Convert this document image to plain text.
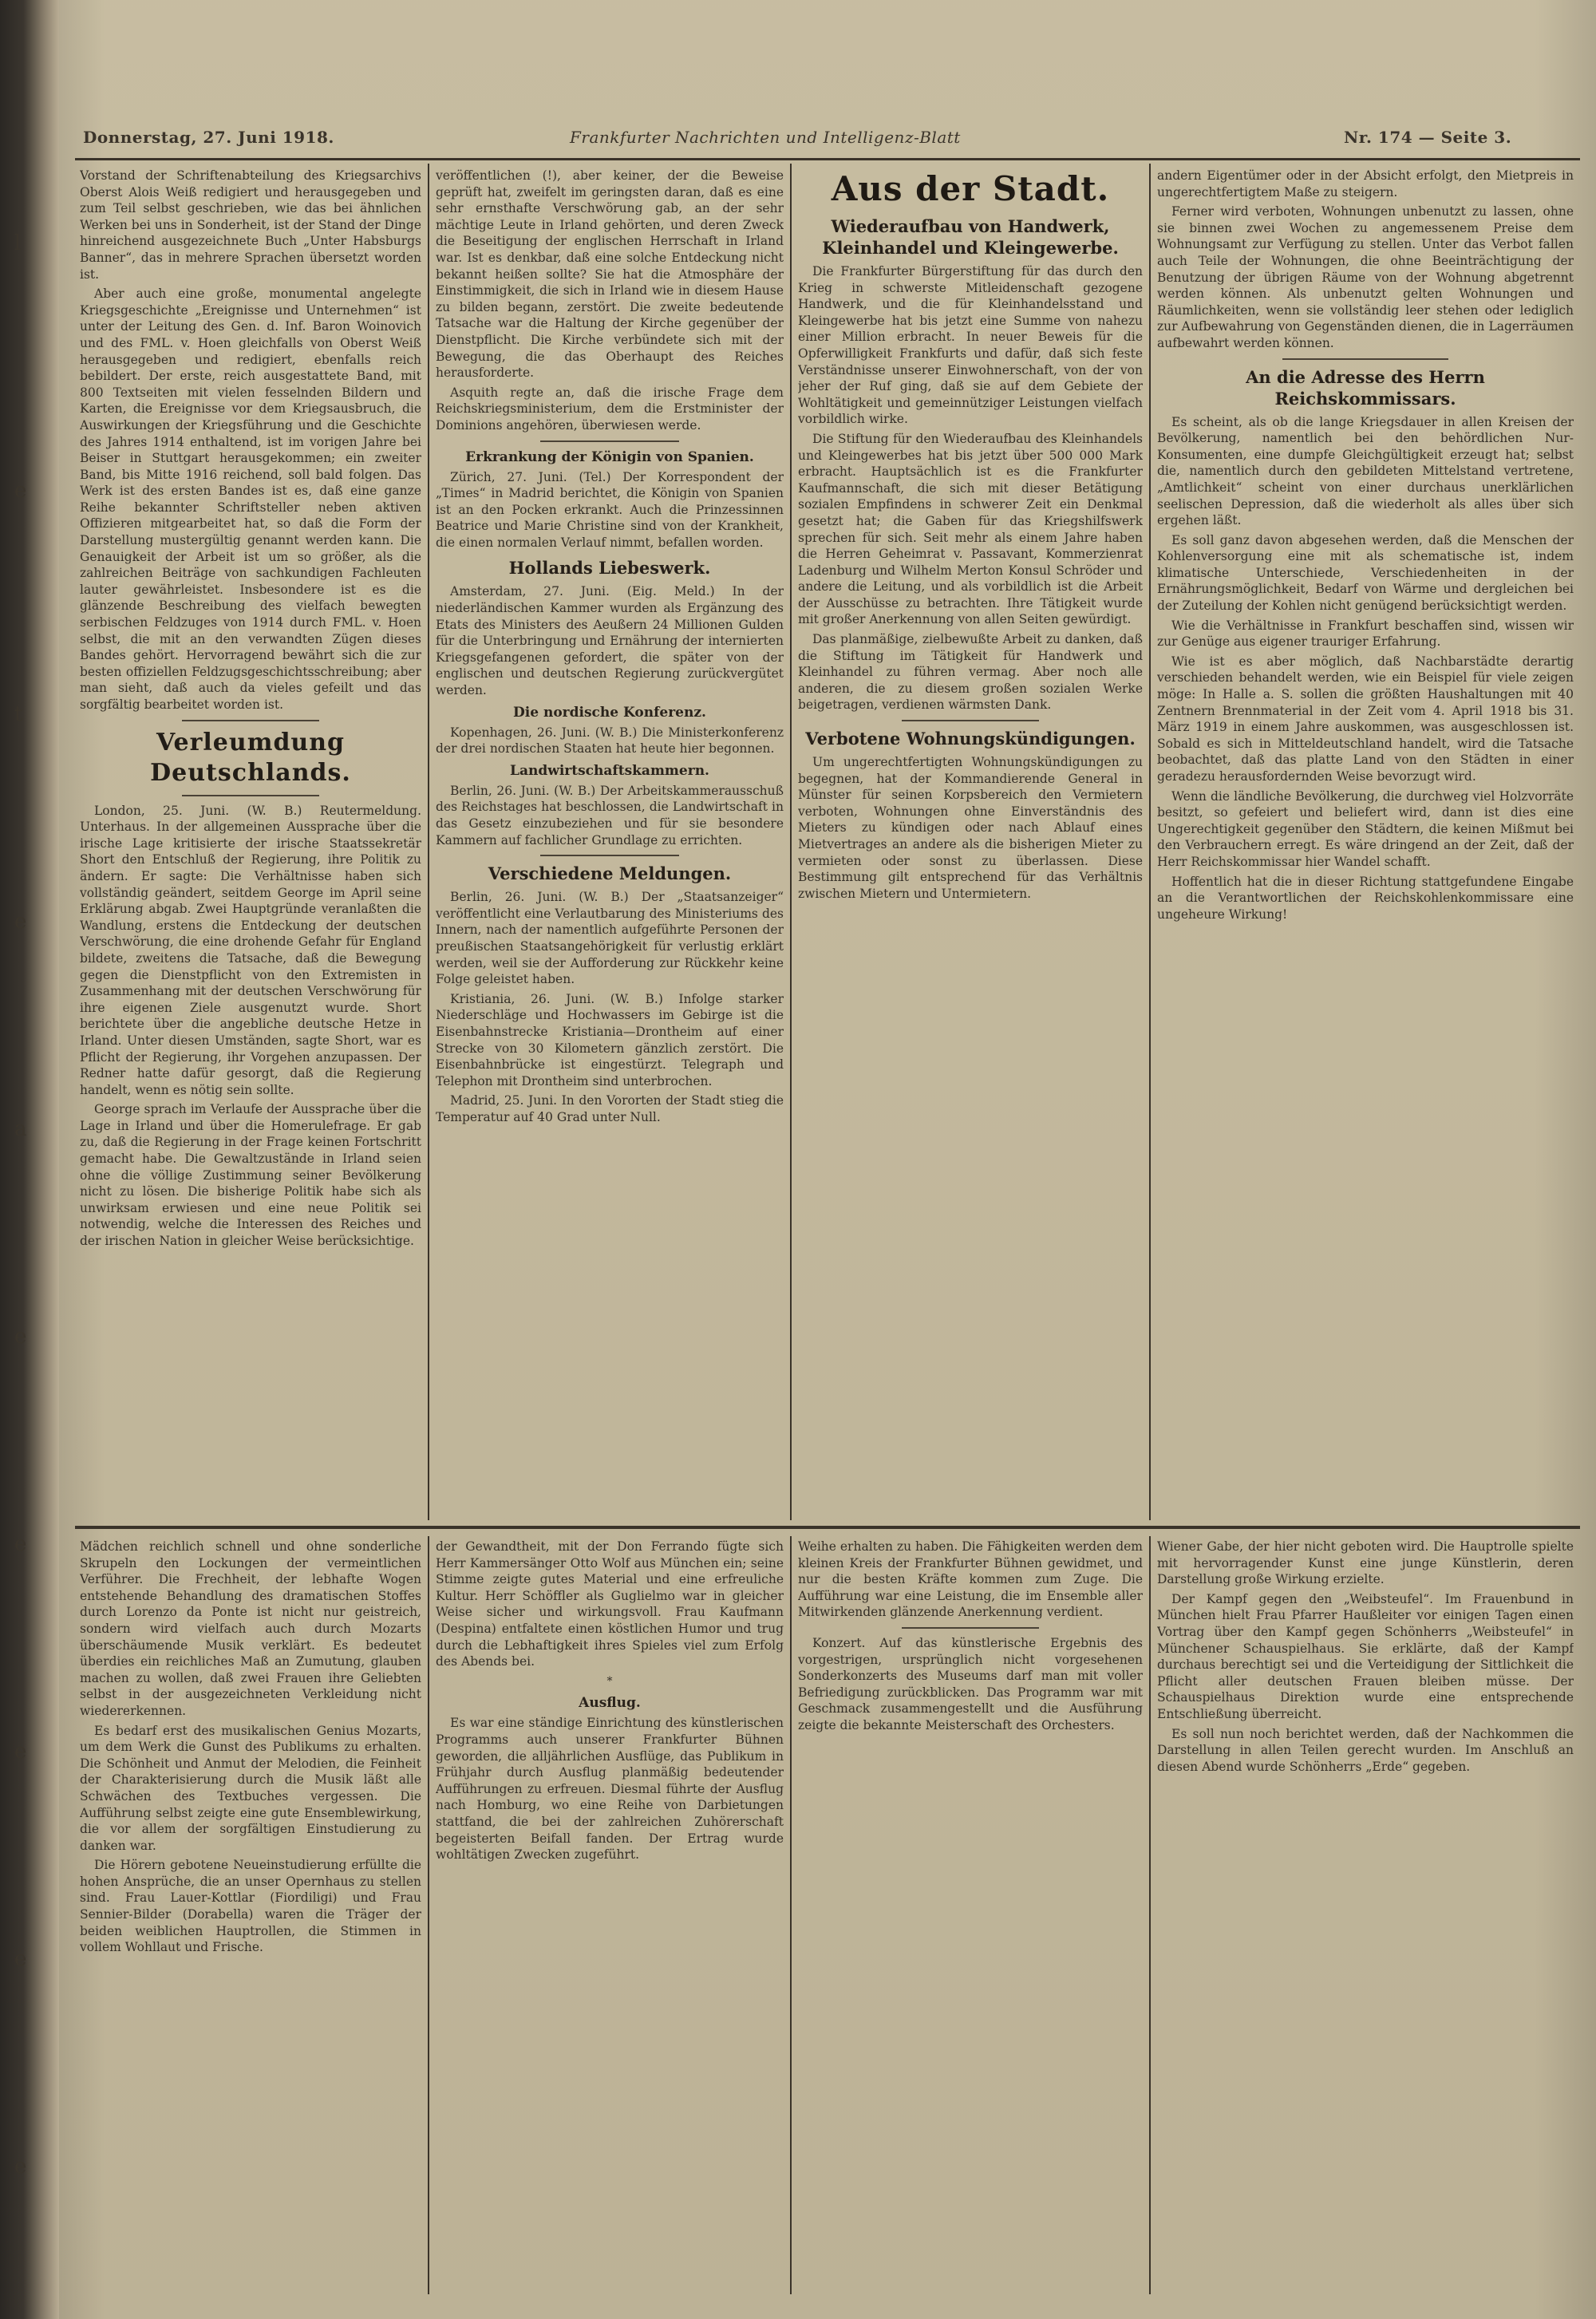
l
e
t
e
a
e
e
e
e
e
Donnerstag, 27. Juni 1918.	Frankfurter Nachrichten und Intelligenz-Blatt	Nr. 174 — Seite 3.

Vorstand der Schriftenabteilung des Kriegsarchivs Oberst Alois Weiß redigiert und herausgegeben und zum Teil selbst geschrieben, wie das bei ähnlichen Werken bei uns in Sonderheit, ist der Stand der Dinge hinreichend ausgezeichnete Buch „Unter Habsburgs Banner“, das in mehrere Sprachen übersetzt worden ist.

Aber auch eine große, monumental angelegte Kriegsgeschichte „Ereignisse und Unternehmen“ ist unter der Leitung des Gen. d. Inf. Baron Woinovich und des FML. v. Hoen gleichfalls von Oberst Weiß herausgegeben und redigiert, ebenfalls reich bebildert. Der erste, reich ausgestattete Band, mit 800 Textseiten mit vielen fesselnden Bildern und Karten, die Ereignisse vor dem Kriegsausbruch, die Auswirkungen der Kriegsführung und die Geschichte des Jahres 1914 enthaltend, ist im vorigen Jahre bei Beiser in Stuttgart herausgekommen; ein zweiter Band, bis Mitte 1916 reichend, soll bald folgen. Das Werk ist des ersten Bandes ist es, daß eine ganze Reihe bekannter Schriftsteller neben aktiven Offizieren mitgearbeitet hat, so daß die Form der Darstellung mustergültig genannt werden kann. Die Genauigkeit der Arbeit ist um so größer, als die zahlreichen Beiträge von sachkundigen Fachleuten lauter gewährleistet. Insbesondere ist es die glänzende Beschreibung des vielfach bewegten serbischen Feldzuges von 1914 durch FML. v. Hoen selbst, die mit an den verwandten Zügen dieses Bandes gehört. Hervorragend bewährt sich die zur besten offiziellen Feldzugsgeschichtsschreibung; aber man sieht, daß auch da vieles gefeilt und das sorgfältig bearbeitet worden ist.

Verleumdung Deutschlands.

London, 25. Juni. (W. B.) Reutermeldung. Unterhaus. In der allgemeinen Aussprache über die irische Lage kritisierte der irische Staatssekretär Short den Entschluß der Regierung, ihre Politik zu ändern. Er sagte: Die Verhältnisse haben sich vollständig geändert, seitdem George im April seine Erklärung abgab. Zwei Hauptgründe veranlaßten die Wandlung, erstens die Entdeckung der deutschen Verschwörung, die eine drohende Gefahr für England bildete, zweitens die Tatsache, daß die Bewegung gegen die Dienstpflicht von den Extremisten in Zusammenhang mit der deutschen Verschwörung für ihre eigenen Ziele ausgenutzt wurde. Short berichtete über die angebliche deutsche Hetze in Irland. Unter diesen Umständen, sagte Short, war es Pflicht der Regierung, ihr Vorgehen anzupassen. Der Redner hatte dafür gesorgt, daß die Regierung handelt, wenn es nötig sein sollte.

George sprach im Verlaufe der Aussprache über die Lage in Irland und über die Homerulefrage. Er gab zu, daß die Regierung in der Frage keinen Fortschritt gemacht habe. Die Gewaltzustände in Irland seien ohne die völlige Zustimmung seiner Bevölkerung nicht zu lösen. Die bisherige Politik habe sich als unwirksam erwiesen und eine neue Politik sei notwendig, welche die Interessen des Reiches und der irischen Nation in gleicher Weise berücksichtige.

veröffentlichen (!), aber keiner, der die Beweise geprüft hat, zweifelt im geringsten daran, daß es eine sehr ernsthafte Verschwörung gab, an der sehr mächtige Leute in Irland gehörten, und deren Zweck die Beseitigung der englischen Herrschaft in Irland war. Ist es denkbar, daß eine solche Entdeckung nicht bekannt heißen sollte? Sie hat die Atmosphäre der Einstimmigkeit, die sich in Irland wie in diesem Hause zu bilden begann, zerstört. Die zweite bedeutende Tatsache war die Haltung der Kirche gegenüber der Dienstpflicht. Die Kirche verbündete sich mit der Bewegung, die das Oberhaupt des Reiches herausforderte.

Asquith regte an, daß die irische Frage dem Reichskriegsministerium, dem die Erstminister der Dominions angehören, überwiesen werde.

Erkrankung der Königin von Spanien.

Zürich, 27. Juni. (Tel.) Der Korrespondent der „Times“ in Madrid berichtet, die Königin von Spanien ist an den Pocken erkrankt. Auch die Prinzessinnen Beatrice und Marie Christine sind von der Krankheit, die einen normalen Verlauf nimmt, befallen worden.

Hollands Liebeswerk.

Amsterdam, 27. Juni. (Eig. Meld.) In der niederländischen Kammer wurden als Ergänzung des Etats des Ministers des Aeußern 24 Millionen Gulden für die Unterbringung und Ernährung der internierten Kriegsgefangenen gefordert, die später von der englischen und deutschen Regierung zurückvergütet werden.

Die nordische Konferenz.

Kopenhagen, 26. Juni. (W. B.) Die Ministerkonferenz der drei nordischen Staaten hat heute hier begonnen.

Landwirtschaftskammern.

Berlin, 26. Juni. (W. B.) Der Arbeitskammerausschuß des Reichstages hat beschlossen, die Landwirtschaft in das Gesetz einzubeziehen und für sie besondere Kammern auf fachlicher Grundlage zu errichten.

Verschiedene Meldungen.

Berlin, 26. Juni. (W. B.) Der „Staatsanzeiger“ veröffentlicht eine Verlautbarung des Ministeriums des Innern, nach der namentlich aufgeführte Personen der preußischen Staatsangehörigkeit für verlustig erklärt werden, weil sie der Aufforderung zur Rückkehr keine Folge geleistet haben.

Kristiania, 26. Juni. (W. B.) Infolge starker Niederschläge und Hochwassers im Gebirge ist die Eisenbahnstrecke Kristiania—Drontheim auf einer Strecke von 30 Kilometern gänzlich zerstört. Die Eisenbahnbrücke ist eingestürzt. Telegraph und Telephon mit Drontheim sind unterbrochen.

Madrid, 25. Juni. In den Vororten der Stadt stieg die Temperatur auf 40 Grad unter Null.

Aus der Stadt.
Wiederaufbau von Handwerk, Kleinhandel und Kleingewerbe.

Die Frankfurter Bürgerstiftung für das durch den Krieg in schwerste Mitleidenschaft gezogene Handwerk, und die für Kleinhandelsstand und Kleingewerbe hat bis jetzt eine Summe von nahezu einer Million erbracht. In neuer Beweis für die Opferwilligkeit Frankfurts und dafür, daß sich feste Verständnisse unserer Einwohnerschaft, von der von jeher der Ruf ging, daß sie auf dem Gebiete der Wohltätigkeit und gemeinnütziger Leistungen vielfach vorbildlich wirke.

Die Stiftung für den Wiederaufbau des Kleinhandels und Kleingewerbes hat bis jetzt über 500 000 Mark erbracht. Hauptsächlich ist es die Frankfurter Kaufmannschaft, die sich mit dieser Betätigung sozialen Empfindens in schwerer Zeit ein Denkmal gesetzt hat; die Gaben für das Kriegshilfswerk sprechen für sich. Seit mehr als einem Jahre haben die Herren Geheimrat v. Passavant, Kommerzienrat Ladenburg und Wilhelm Merton Konsul Schröder und andere die Leitung, und als vorbildlich ist die Arbeit der Ausschüsse zu betrachten. Ihre Tätigkeit wurde mit großer Anerkennung von allen Seiten gewürdigt.

Das planmäßige, zielbewußte Arbeit zu danken, daß die Stiftung im Tätigkeit für Handwerk und Kleinhandel zu führen vermag. Aber noch alle anderen, die zu diesem großen sozialen Werke beigetragen, verdienen wärmsten Dank.

Verbotene Wohnungskündigungen.

Um ungerechtfertigten Wohnungskündigungen zu begegnen, hat der Kommandierende General in Münster für seinen Korpsbereich den Vermietern verboten, Wohnungen ohne Einverständnis des Mieters zu kündigen oder nach Ablauf eines Mietvertrages an andere als die bisherigen Mieter zu vermieten oder sonst zu überlassen. Diese Bestimmung gilt entsprechend für das Verhältnis zwischen Mietern und Untermietern.

andern Eigentümer oder in der Absicht erfolgt, den Mietpreis in ungerechtfertigtem Maße zu steigern.

Ferner wird verboten, Wohnungen unbenutzt zu lassen, ohne sie binnen zwei Wochen zu angemessenem Preise dem Wohnungsamt zur Verfügung zu stellen. Unter das Verbot fallen auch Teile der Wohnungen, die ohne Beeinträchtigung der Benutzung der übrigen Räume von der Wohnung abgetrennt werden können. Als unbenutzt gelten Wohnungen und Räumlichkeiten, wenn sie vollständig leer stehen oder lediglich zur Aufbewahrung von Gegenständen dienen, die in Lagerräumen aufbewahrt werden können.

An die Adresse des Herrn Reichskommissars.

Es scheint, als ob die lange Kriegsdauer in allen Kreisen der Bevölkerung, namentlich bei den behördlichen Nur-Konsumenten, eine dumpfe Gleichgültigkeit erzeugt hat; selbst die, namentlich durch den gebildeten Mittelstand vertretene, „Amtlichkeit“ scheint von einer durchaus unerklärlichen seelischen Depression, daß die wiederholt als alles über sich ergehen läßt.

Es soll ganz davon abgesehen werden, daß die Menschen der Kohlenversorgung eine mit als schematische ist, indem klimatische Unterschiede, Verschiedenheiten in der Ernährungsmöglichkeit, Bedarf von Wärme und dergleichen bei der Zuteilung der Kohlen nicht genügend berücksichtigt werden.

Wie die Verhältnisse in Frankfurt beschaffen sind, wissen wir zur Genüge aus eigener trauriger Erfahrung.

Wie ist es aber möglich, daß Nachbarstädte derartig verschieden behandelt werden, wie ein Beispiel für viele zeigen möge: In Halle a. S. sollen die größten Haushaltungen mit 40 Zentnern Brennmaterial in der Zeit vom 4. April 1918 bis 31. März 1919 in einem Jahre auskommen, was ausgeschlossen ist. Sobald es sich in Mitteldeutschland handelt, wird die Tatsache beobachtet, daß das platte Land von den Städten in einer geradezu herausfordernden Weise bevorzugt wird.

Wenn die ländliche Bevölkerung, die durchweg viel Holzvorräte besitzt, so gefeiert und beliefert wird, dann ist dies eine Ungerechtigkeit gegenüber den Städtern, die keinen Mißmut bei den Verbrauchern erregt. Es wäre dringend an der Zeit, daß der Herr Reichskommissar hier Wandel schafft.

Hoffentlich hat die in dieser Richtung stattgefundene Eingabe an die Verantwortlichen der Reichskohlenkommissare eine ungeheure Wirkung!

Mädchen reichlich schnell und ohne sonderliche Skrupeln den Lockungen der vermeintlichen Verführer. Die Frechheit, der lebhafte Wogen entstehende Behandlung des dramatischen Stoffes durch Lorenzo da Ponte ist nicht nur geistreich, sondern wird vielfach auch durch Mozarts überschäumende Musik verklärt. Es bedeutet überdies ein reichliches Maß an Zumutung, glauben machen zu wollen, daß zwei Frauen ihre Geliebten selbst in der ausgezeichneten Verkleidung nicht wiedererkennen.

Es bedarf erst des musikalischen Genius Mozarts, um dem Werk die Gunst des Publikums zu erhalten. Die Schönheit und Anmut der Melodien, die Feinheit der Charakterisierung durch die Musik läßt alle Schwächen des Textbuches vergessen. Die Aufführung selbst zeigte eine gute Ensemblewirkung, die vor allem der sorgfältigen Einstudierung zu danken war.

Die Hörern gebotene Neueinstudierung erfüllte die hohen Ansprüche, die an unser Opernhaus zu stellen sind. Frau Lauer-Kottlar (Fiordiligi) und Frau Sennier-Bilder (Dorabella) waren die Träger der beiden weiblichen Hauptrollen, die Stimmen in vollem Wohllaut und Frische.

der Gewandtheit, mit der Don Ferrando fügte sich Herr Kammersänger Otto Wolf aus München ein; seine Stimme zeigte gutes Material und eine erfreuliche Kultur. Herr Schöffler als Guglielmo war in gleicher Weise sicher und wirkungsvoll. Frau Kaufmann (Despina) entfaltete einen köstlichen Humor und trug durch die Lebhaftigkeit ihres Spieles viel zum Erfolg des Abends bei.

*
Ausflug.

Es war eine ständige Einrichtung des künstlerischen Programms auch unserer Frankfurter Bühnen geworden, die alljährlichen Ausflüge, das Publikum in Frühjahr durch Ausflug planmäßig bedeutender Aufführungen zu erfreuen. Diesmal führte der Ausflug nach Homburg, wo eine Reihe von Darbietungen stattfand, die bei der zahlreichen Zuhörerschaft begeisterten Beifall fanden. Der Ertrag wurde wohltätigen Zwecken zugeführt.

Weihe erhalten zu haben. Die Fähigkeiten werden dem kleinen Kreis der Frankfurter Bühnen gewidmet, und nur die besten Kräfte kommen zum Zuge. Die Aufführung war eine Leistung, die im Ensemble aller Mitwirkenden glänzende Anerkennung verdient.

Konzert. Auf das künstlerische Ergebnis des vorgestrigen, ursprünglich nicht vorgesehenen Sonderkonzerts des Museums darf man mit voller Befriedigung zurückblicken. Das Programm war mit Geschmack zusammengestellt und die Ausführung zeigte die bekannte Meisterschaft des Orchesters.

Wiener Gabe, der hier nicht geboten wird. Die Hauptrolle spielte mit hervorragender Kunst eine junge Künstlerin, deren Darstellung große Wirkung erzielte.

Der Kampf gegen den „Weibsteufel“. Im Frauenbund in München hielt Frau Pfarrer Haußleiter vor einigen Tagen einen Vortrag über den Kampf gegen Schönherrs „Weibsteufel“ in Münchener Schauspielhaus. Sie erklärte, daß der Kampf durchaus berechtigt sei und die Verteidigung der Sittlichkeit die Pflicht aller deutschen Frauen bleiben müsse. Der Schauspielhaus Direktion wurde eine entsprechende Entschließung überreicht.

Es soll nun noch berichtet werden, daß der Nachkommen die Darstellung in allen Teilen gerecht wurden. Im Anschluß an diesen Abend wurde Schönherrs „Erde“ gegeben.
